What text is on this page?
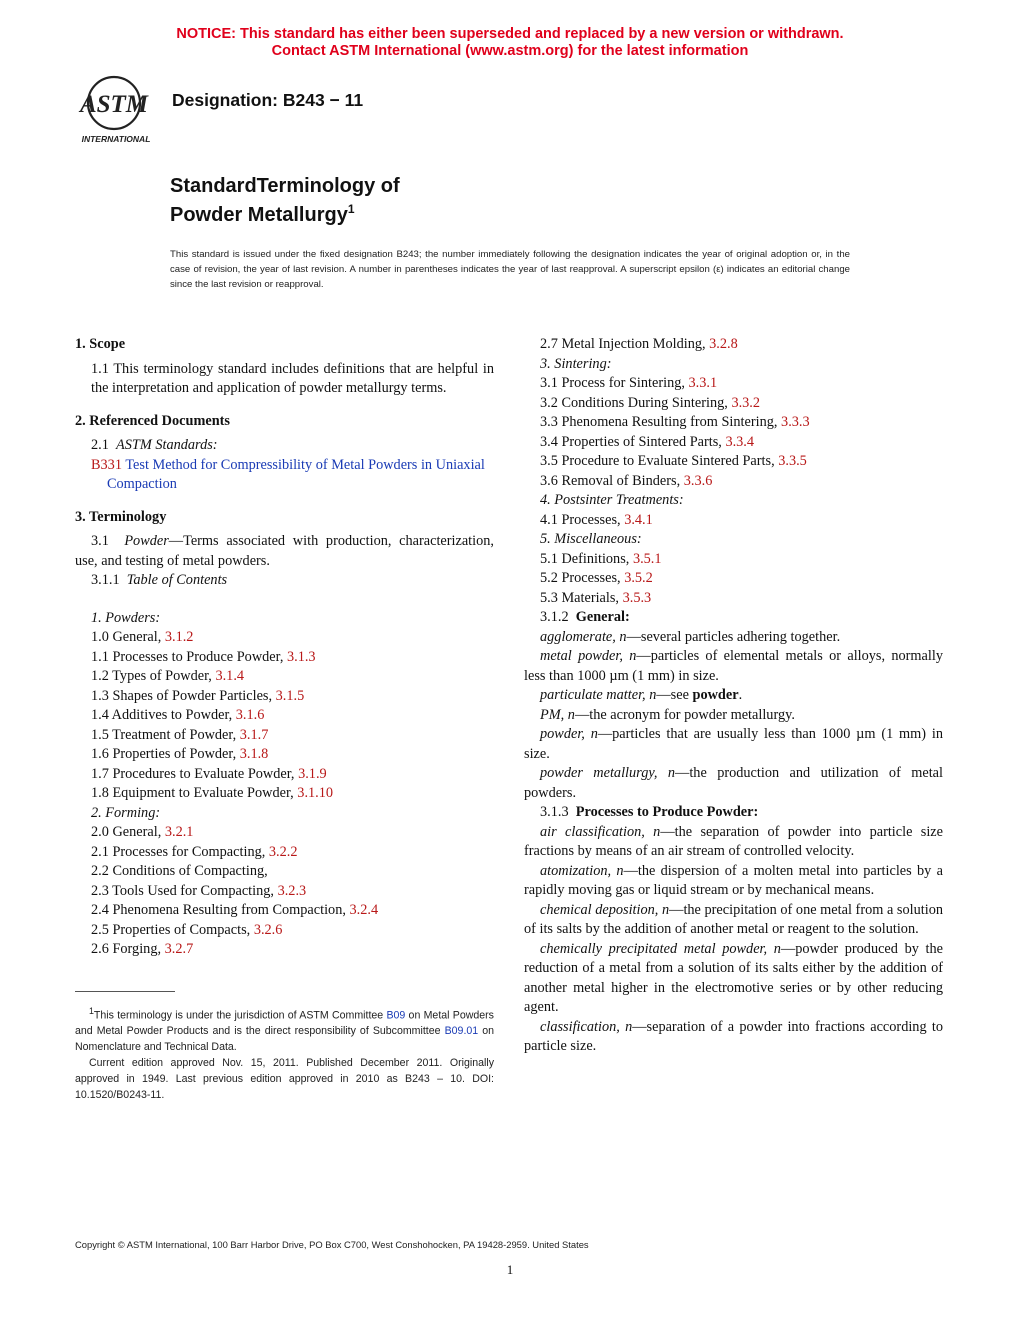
NOTICE: This standard has either been superseded and replaced by a new version or withdrawn.
Contact ASTM International (www.astm.org) for the latest information
ASTM
INTERNATIONAL
Designation: B243 − 11
StandardTerminology of
Powder Metallurgy$^1$
This standard is issued under the fixed designation B243; the number immediately following the designation indicates the year of original adoption or, in the case of revision, the year of last revision. A number in parentheses indicates the year of last reapproval. A superscript epsilon (ε) indicates an editorial change since the last revision or reapproval.

1. Scope

1.1 This terminology standard includes definitions that are helpful in the interpretation and application of powder metallurgy terms.

2. Referenced Documents

2.1 ASTM Standards:

B331 Test Method for Compressibility of Metal Powders in Uniaxial Compaction

3. Terminology

3.1 Powder—Terms associated with production, characterization, use, and testing of metal powders.

3.1.1 Table of Contents

1. Powders:

1.0 General, 3.1.2

1.1 Processes to Produce Powder, 3.1.3

1.2 Types of Powder, 3.1.4

1.3 Shapes of Powder Particles, 3.1.5

1.4 Additives to Powder, 3.1.6

1.5 Treatment of Powder, 3.1.7

1.6 Properties of Powder, 3.1.8

1.7 Procedures to Evaluate Powder, 3.1.9

1.8 Equipment to Evaluate Powder, 3.1.10

2. Forming:

2.0 General, 3.2.1

2.1 Processes for Compacting, 3.2.2

2.2 Conditions of Compacting,

2.3 Tools Used for Compacting, 3.2.3

2.4 Phenomena Resulting from Compaction, 3.2.4

2.5 Properties of Compacts, 3.2.6

2.6 Forging, 3.2.7

2.7 Metal Injection Molding, 3.2.8

3. Sintering:

3.1 Process for Sintering, 3.3.1

3.2 Conditions During Sintering, 3.3.2

3.3 Phenomena Resulting from Sintering, 3.3.3

3.4 Properties of Sintered Parts, 3.3.4

3.5 Procedure to Evaluate Sintered Parts, 3.3.5

3.6 Removal of Binders, 3.3.6

4. Postsinter Treatments:

4.1 Processes, 3.4.1

5. Miscellaneous:

5.1 Definitions, 3.5.1

5.2 Processes, 3.5.2

5.3 Materials, 3.5.3

3.1.2 General:

agglomerate, n—several particles adhering together.

metal powder, n—particles of elemental metals or alloys, normally less than 1000 µm (1 mm) in size.

particulate matter, n—see powder.

PM, n—the acronym for powder metallurgy.

powder, n—particles that are usually less than 1000 µm (1 mm) in size.

powder metallurgy, n—the production and utilization of metal powders.

3.1.3 Processes to Produce Powder:

air classification, n—the separation of powder into particle size fractions by means of an air stream of controlled velocity.

atomization, n—the dispersion of a molten metal into particles by a rapidly moving gas or liquid stream or by mechanical means.

chemical deposition, n—the precipitation of one metal from a solution of its salts by the addition of another metal or reagent to the solution.

chemically precipitated metal powder, n—powder produced by the reduction of a metal from a solution of its salts either by the addition of another metal higher in the electromotive series or by other reducing agent.

classification, n—separation of a powder into fractions according to particle size.

$^1$This terminology is under the jurisdiction of ASTM Committee B09 on Metal Powders and Metal Powder Products and is the direct responsibility of Subcommittee B09.01 on Nomenclature and Technical Data.

Current edition approved Nov. 15, 2011. Published December 2011. Originally approved in 1949. Last previous edition approved in 2010 as B243 – 10. DOI: 10.1520/B0243-11.

Copyright © ASTM International, 100 Barr Harbor Drive, PO Box C700, West Conshohocken, PA 19428-2959. United States
1
